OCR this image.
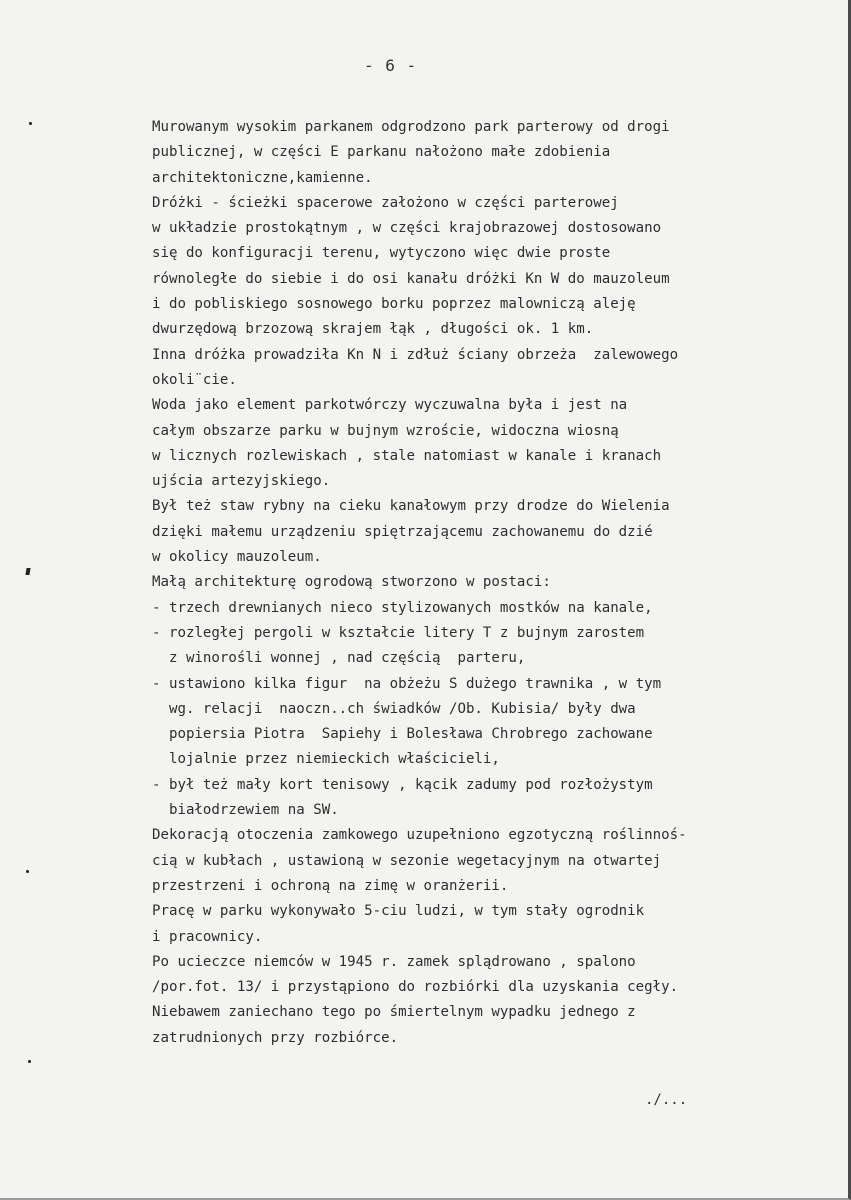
- 6 -
Murowanym wysokim parkanem odgrodzono park parterowy od drogi
publicznej, w części E parkanu nałożono małe zdobienia
architektoniczne,kamienne.
Dróżki - ścieżki spacerowe założono w części parterowej
w układzie prostokątnym , w części krajobrazowej dostosowano
się do konfiguracji terenu, wytyczono więc dwie proste
równoległe do siebie i do osi kanału dróżki Kn W do mauzoleum
i do pobliskiego sosnowego borku poprzez malowniczą aleję
dwurzędową brzozową skrajem łąk , długości ok. 1 km.
Inna dróżka prowadziła Kn N i zdłuż ściany obrzeża  zalewowego
okoli¨cie.
Woda jako element parkotwórczy wyczuwalna była i jest na
całym obszarze parku w bujnym wzroście, widoczna wiosną
w licznych rozlewiskach , stale natomiast w kanale i kranach
ujścia artezyjskiego.
Był też staw rybny na cieku kanałowym przy drodze do Wielenia
dzięki małemu urządzeniu spiętrzającemu zachowanemu do dzié
w okolicy mauzoleum.
Małą architekturę ogrodową stworzono w postaci:
- trzech drewnianych nieco stylizowanych mostków na kanale,
- rozległej pergoli w kształcie litery T z bujnym zarostem
z winorośli wonnej , nad częścią  parteru,
- ustawiono kilka figur  na obżeżu S dużego trawnika , w tym
wg. relacji  naoczn..ch świadków /Ob. Kubisia/ były dwa
popiersia Piotra  Sapiehy i Bolesława Chrobrego zachowane
lojalnie przez niemieckich właścicieli,
- był też mały kort tenisowy , kącik zadumy pod rozłożystym
białodrzewiem na SW.
Dekoracją otoczenia zamkowego uzupełniono egzotyczną roślinnoś-
cią w kubłach , ustawioną w sezonie wegetacyjnym na otwartej
przestrzeni i ochroną na zimę w oranżerii.
Pracę w parku wykonywało 5-ciu ludzi, w tym stały ogrodnik
i pracownicy.
Po ucieczce niemców w 1945 r. zamek splądrowano , spalono
/por.fot. 13/ i przystąpiono do rozbiórki dla uzyskania cegły.
Niebawem zaniechano tego po śmiertelnym wypadku jednego z
zatrudnionych przy rozbiórce.
./...
